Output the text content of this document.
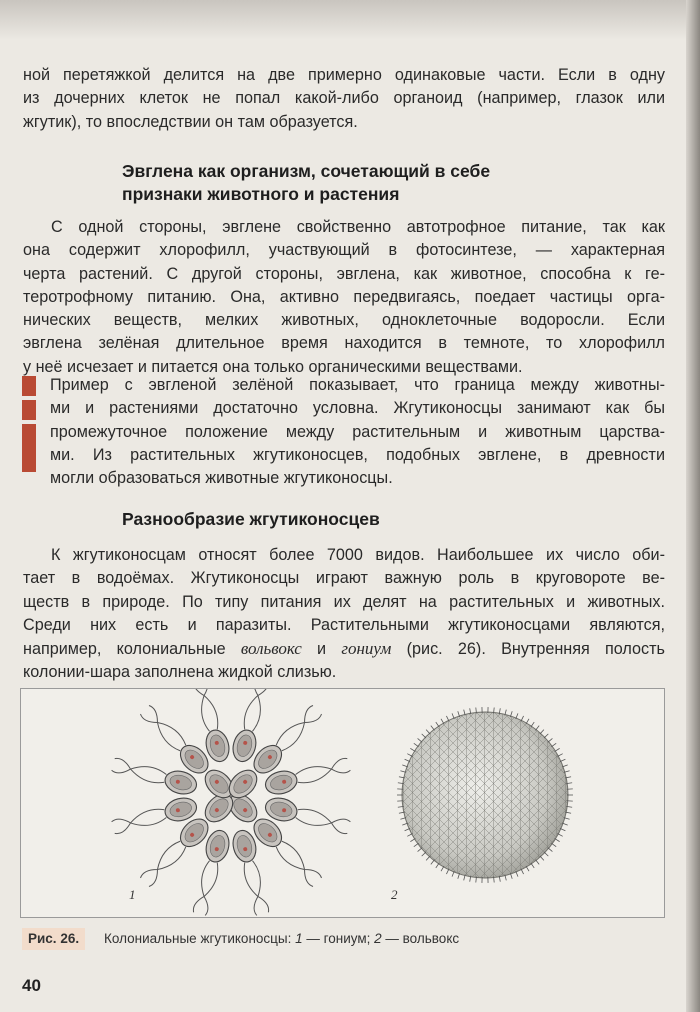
ной перетяжкой делится на две примерно одинаковые части. Если в одну
из дочерних клеток не попал какой-либо органоид (например, глазок или
жгутик), то впоследствии он там образуется.
Эвглена как организм, сочетающий в себе
признаки животного и растения
С одной стороны, эвглене свойственно автотрофное питание, так как
она содержит хлорофилл, участвующий в фотосинтезе, — характерная
черта растений. С другой стороны, эвглена, как животное, способна к ге-
теротрофному питанию. Она, активно передвигаясь, поедает частицы орга-
нических веществ, мелких животных, одноклеточные водоросли. Если
эвглена зелёная длительное время находится в темноте, то хлорофилл
у неё исчезает и питается она только органическими веществами.
Пример с эвгленой зелёной показывает, что граница между животны-
ми и растениями достаточно условна. Жгутиконосцы занимают как бы
промежуточное положение между растительным и животным царства-
ми. Из растительных жгутиконосцев, подобных эвглене, в древности
могли образоваться животные жгутиконосцы.
Разнообразие жгутиконосцев
К жгутиконосцам относят более 7000 видов. Наибольшее их число оби-
тает в водоёмах. Жгутиконосцы играют важную роль в круговороте ве-
ществ в природе. По типу питания их делят на растительных и животных.
Среди них есть и паразиты. Растительными жгутиконосцами являются,
например, колониальные вольвокс и гониум (рис. 26). Внутренняя полость
колонии-шара заполнена жидкой слизью.
1	2
Рис. 26.	Колониальные жгутиконосцы: 1 — гониум; 2 — вольвокс
40
